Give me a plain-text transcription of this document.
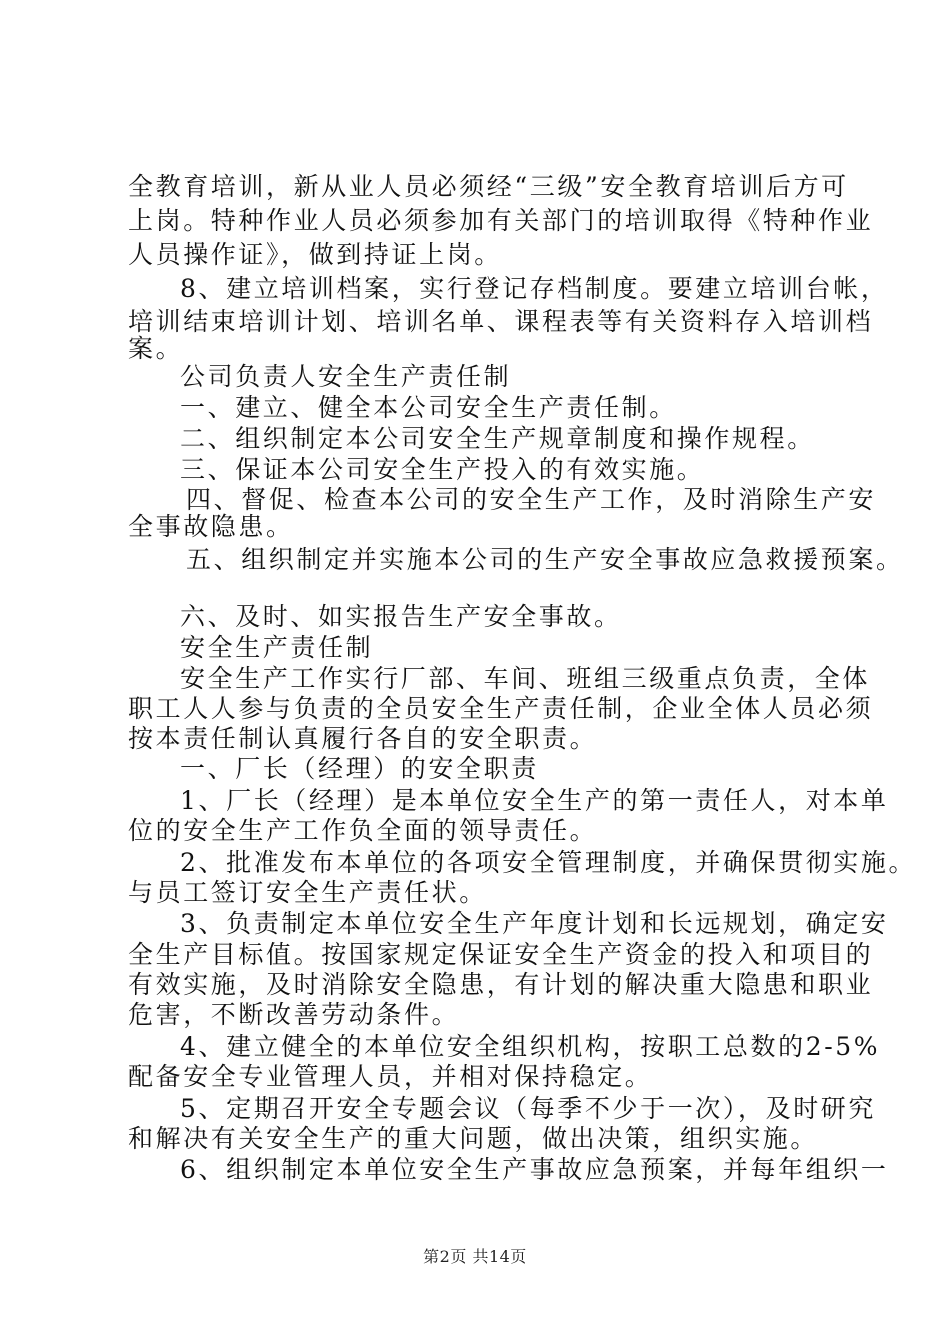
全教育培训，新从业人员必须经“三级”安全教育培训后方可
上岗。特种作业人员必须参加有关部门的培训取得《特种作业
人员操作证》，做到持证上岗。
8、建立培训档案，实行登记存档制度。要建立培训台帐，
培训结束培训计划、培训名单、课程表等有关资料存入培训档
案。
公司负责人安全生产责任制
一、建立、健全本公司安全生产责任制。
二、组织制定本公司安全生产规章制度和操作规程。
三、保证本公司安全生产投入的有效实施。
四、督促、检查本公司的安全生产工作，及时消除生产安
全事故隐患。
五、组织制定并实施本公司的生产安全事故应急救援预案。
六、及时、如实报告生产安全事故。
安全生产责任制
安全生产工作实行厂部、车间、班组三级重点负责，全体
职工人人参与负责的全员安全生产责任制，企业全体人员必须
按本责任制认真履行各自的安全职责。
一、厂长（经理）的安全职责
1、厂长（经理）是本单位安全生产的第一责任人，对本单
位的安全生产工作负全面的领导责任。
2、批准发布本单位的各项安全管理制度，并确保贯彻实施。
与员工签订安全生产责任状。
3、负责制定本单位安全生产年度计划和长远规划，确定安
全生产目标值。按国家规定保证安全生产资金的投入和项目的
有效实施，及时消除安全隐患，有计划的解决重大隐患和职业
危害，不断改善劳动条件。
4、建立健全的本单位安全组织机构，按职工总数的2-5%
配备安全专业管理人员，并相对保持稳定。
5、定期召开安全专题会议（每季不少于一次），及时研究
和解决有关安全生产的重大问题，做出决策，组织实施。
6、组织制定本单位安全生产事故应急预案，并每年组织一
第2页 共14页
